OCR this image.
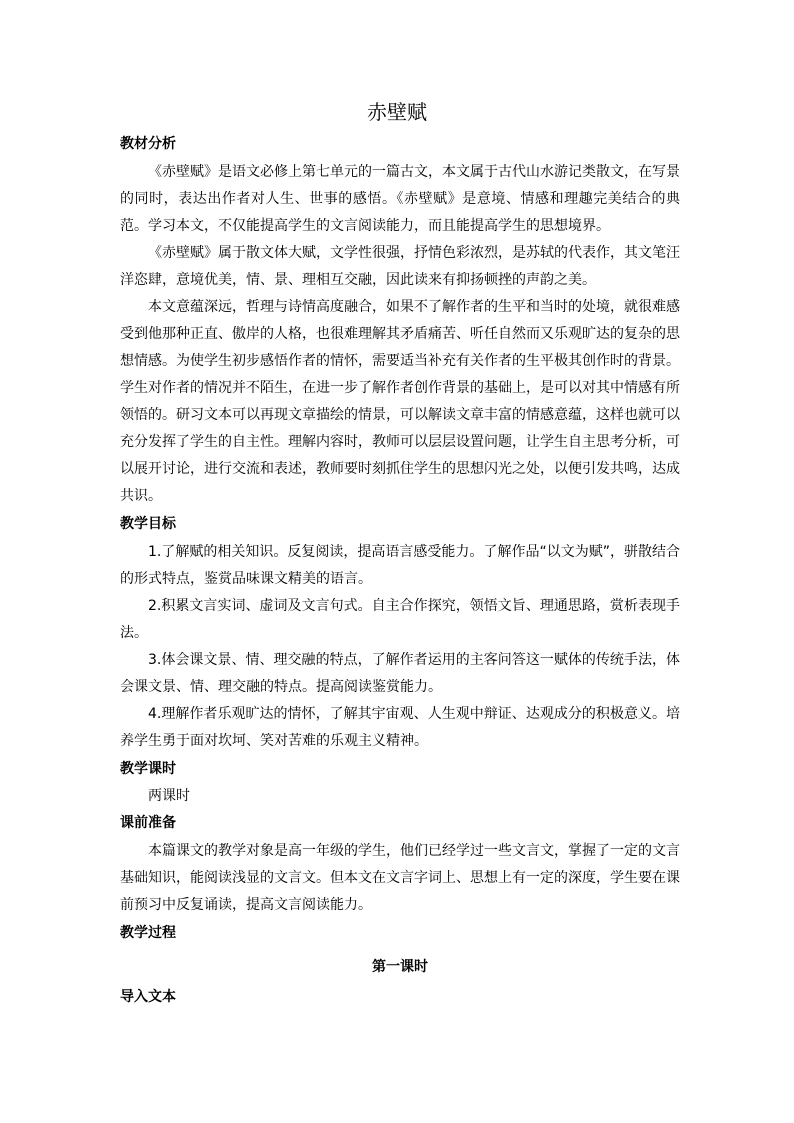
赤壁赋
教材分析

《赤壁赋》是语文必修上第七单元的一篇古文，本文属于古代山水游记类散文，在写景的同时，表达出作者对人生、世事的感悟。《赤壁赋》是意境、情感和理趣完美结合的典范。学习本文，不仅能提高学生的文言阅读能力，而且能提高学生的思想境界。

《赤壁赋》属于散文体大赋，文学性很强，抒情色彩浓烈，是苏轼的代表作，其文笔汪洋恣肆，意境优美，情、景、理相互交融，因此读来有抑扬顿挫的声韵之美。

本文意蕴深远，哲理与诗情高度融合，如果不了解作者的生平和当时的处境，就很难感受到他那种正直、傲岸的人格，也很难理解其矛盾痛苦、听任自然而又乐观旷达的复杂的思想情感。为使学生初步感悟作者的情怀，需要适当补充有关作者的生平极其创作时的背景。学生对作者的情况并不陌生，在进一步了解作者创作背景的基础上，是可以对其中情感有所领悟的。研习文本可以再现文章描绘的情景，可以解读文章丰富的情感意蕴，这样也就可以充分发挥了学生的自主性。理解内容时，教师可以层层设置问题，让学生自主思考分析，可以展开讨论，进行交流和表述，教师要时刻抓住学生的思想闪光之处，以便引发共鸣，达成共识。

教学目标

1.了解赋的相关知识。反复阅读，提高语言感受能力。了解作品“以文为赋”，骈散结合的形式特点，鉴赏品味课文精美的语言。

2.积累文言实词、虚词及文言句式。自主合作探究，领悟文旨、理通思路，赏析表现手法。

3.体会课文景、情、理交融的特点，了解作者运用的主客问答这一赋体的传统手法，体会课文景、情、理交融的特点。提高阅读鉴赏能力。

4.理解作者乐观旷达的情怀，了解其宇宙观、人生观中辩证、达观成分的积极意义。培养学生勇于面对坎坷、笑对苦难的乐观主义精神。

教学课时

两课时

课前准备

本篇课文的教学对象是高一年级的学生，他们已经学过一些文言文，掌握了一定的文言基础知识，能阅读浅显的文言文。但本文在文言字词上、思想上有一定的深度，学生要在课前预习中反复诵读，提高文言阅读能力。

教学过程
第一课时
导入文本
